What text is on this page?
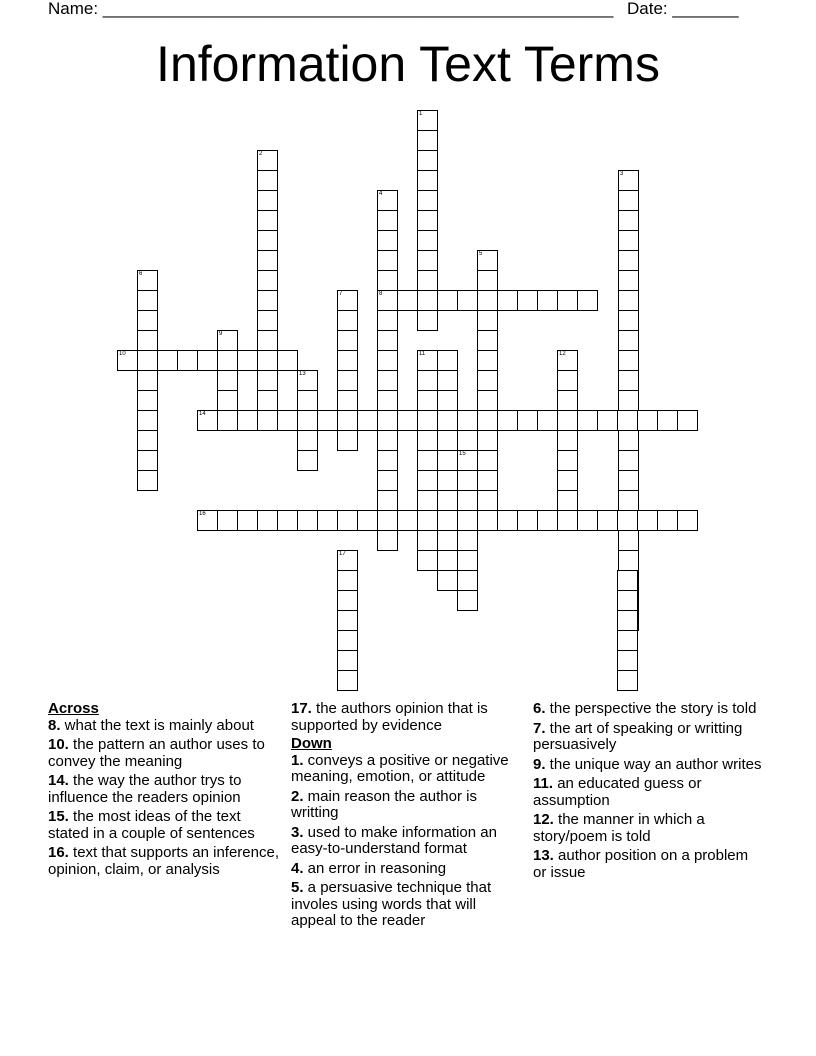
Name: ______________________________________________________ Date: _______
Information Text Terms
1
2
3
4
8
5
6
7
9
10	11	12
13
14
15
16
17

Across

8. what the text is mainly about

10. the pattern an author uses to convey the meaning

14. the way the author trys to influence the readers opinion

15. the most ideas of the text stated in a couple of sentences

16. text that supports an inference, opinion, claim, or analysis

17. the authors opinion that is supported by evidence

Down

1. conveys a positive or negative meaning, emotion, or attitude

2. main reason the author is writting

3. used to make information an easy-to-understand format

4. an error in reasoning

5. a persuasive technique that involes using words that will appeal to the reader

6. the perspective the story is told

7. the art of speaking or writting persuasively

9. the unique way an author writes

11. an educated guess or assumption

12. the manner in which a story/poem is told

13. author position on a problem or issue
